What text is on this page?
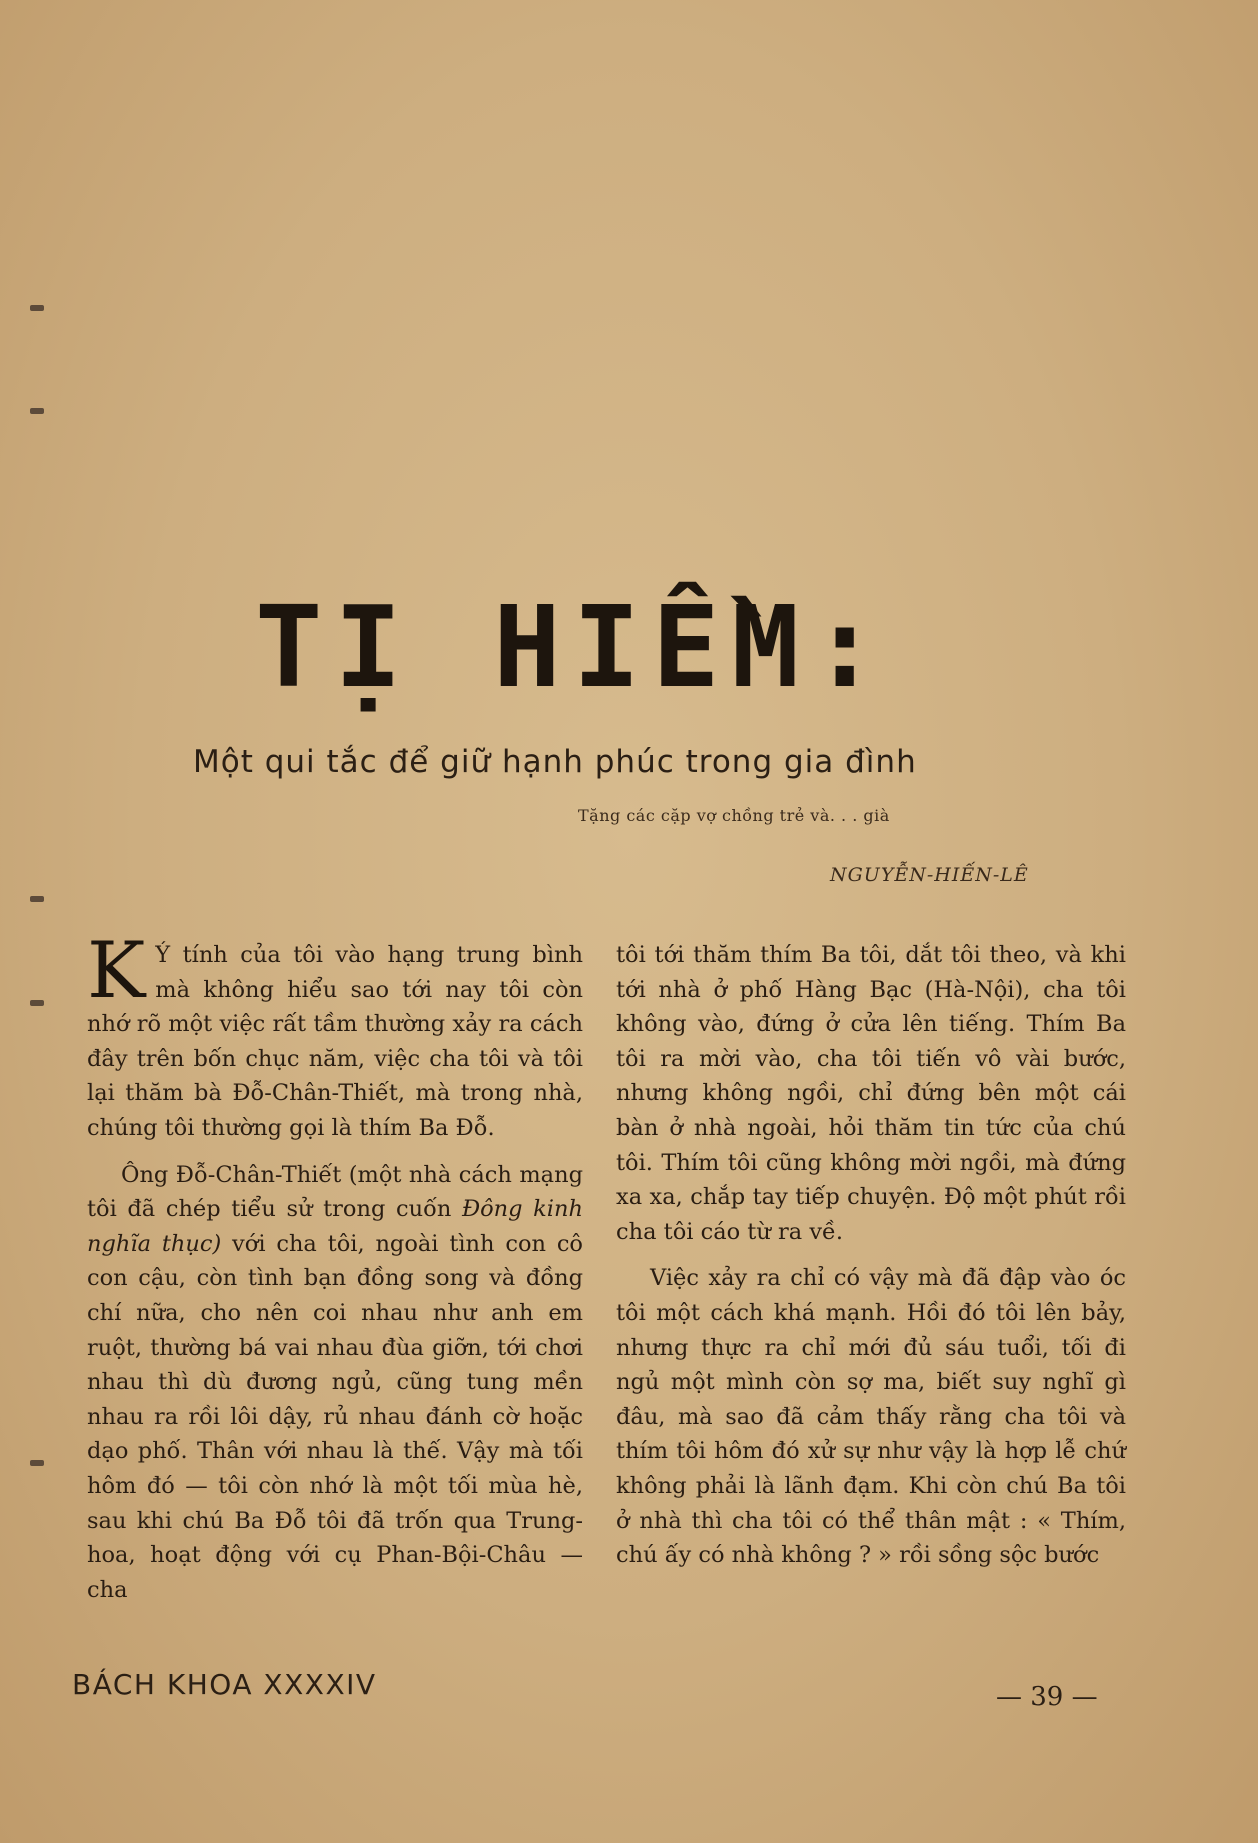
TỊ HIỀM:
Một qui tắc để giữ hạnh phúc trong gia đình
Tặng các cặp vợ chồng trẻ và. . . già
NGUYỄN-HIẾN-LÊ

K Ý tính của tôi vào hạng trung bình mà không hiểu sao tới nay tôi còn nhớ rõ một việc rất tầm thường xảy ra cách đây trên bốn chục năm, việc cha tôi và tôi lại thăm bà Đỗ-Chân-Thiết, mà trong nhà, chúng tôi thường gọi là thím Ba Đỗ.

Ông Đỗ-Chân-Thiết (một nhà cách mạng tôi đã chép tiểu sử trong cuốn Đông kinh nghĩa thục) với cha tôi, ngoài tình con cô con cậu, còn tình bạn đồng song và đồng chí nữa, cho nên coi nhau như anh em ruột, thường bá vai nhau đùa giỡn, tới chơi nhau thì dù đương ngủ, cũng tung mền nhau ra rồi lôi dậy, rủ nhau đánh cờ hoặc dạo phố. Thân với nhau là thế. Vậy mà tối hôm đó — tôi còn nhớ là một tối mùa hè, sau khi chú Ba Đỗ tôi đã trốn qua Trung-hoa, hoạt động với cụ Phan-Bội-Châu — cha

tôi tới thăm thím Ba tôi, dắt tôi theo, và khi tới nhà ở phố Hàng Bạc (Hà-Nội), cha tôi không vào, đứng ở cửa lên tiếng. Thím Ba tôi ra mời vào, cha tôi tiến vô vài bước, nhưng không ngồi, chỉ đứng bên một cái bàn ở nhà ngoài, hỏi thăm tin tức của chú tôi. Thím tôi cũng không mời ngồi, mà đứng xa xa, chắp tay tiếp chuyện. Độ một phút rồi cha tôi cáo từ ra về.

Việc xảy ra chỉ có vậy mà đã đập vào óc tôi một cách khá mạnh. Hồi đó tôi lên bảy, nhưng thực ra chỉ mới đủ sáu tuổi, tối đi ngủ một mình còn sợ ma, biết suy nghĩ gì đâu, mà sao đã cảm thấy rằng cha tôi và thím tôi hôm đó xử sự như vậy là hợp lễ chứ không phải là lãnh đạm. Khi còn chú Ba tôi ở nhà thì cha tôi có thể thân mật : « Thím, chú ấy có nhà không ? » rồi sồng sộc bước

BÁCH KHOA XXXXIV	— 39 —
